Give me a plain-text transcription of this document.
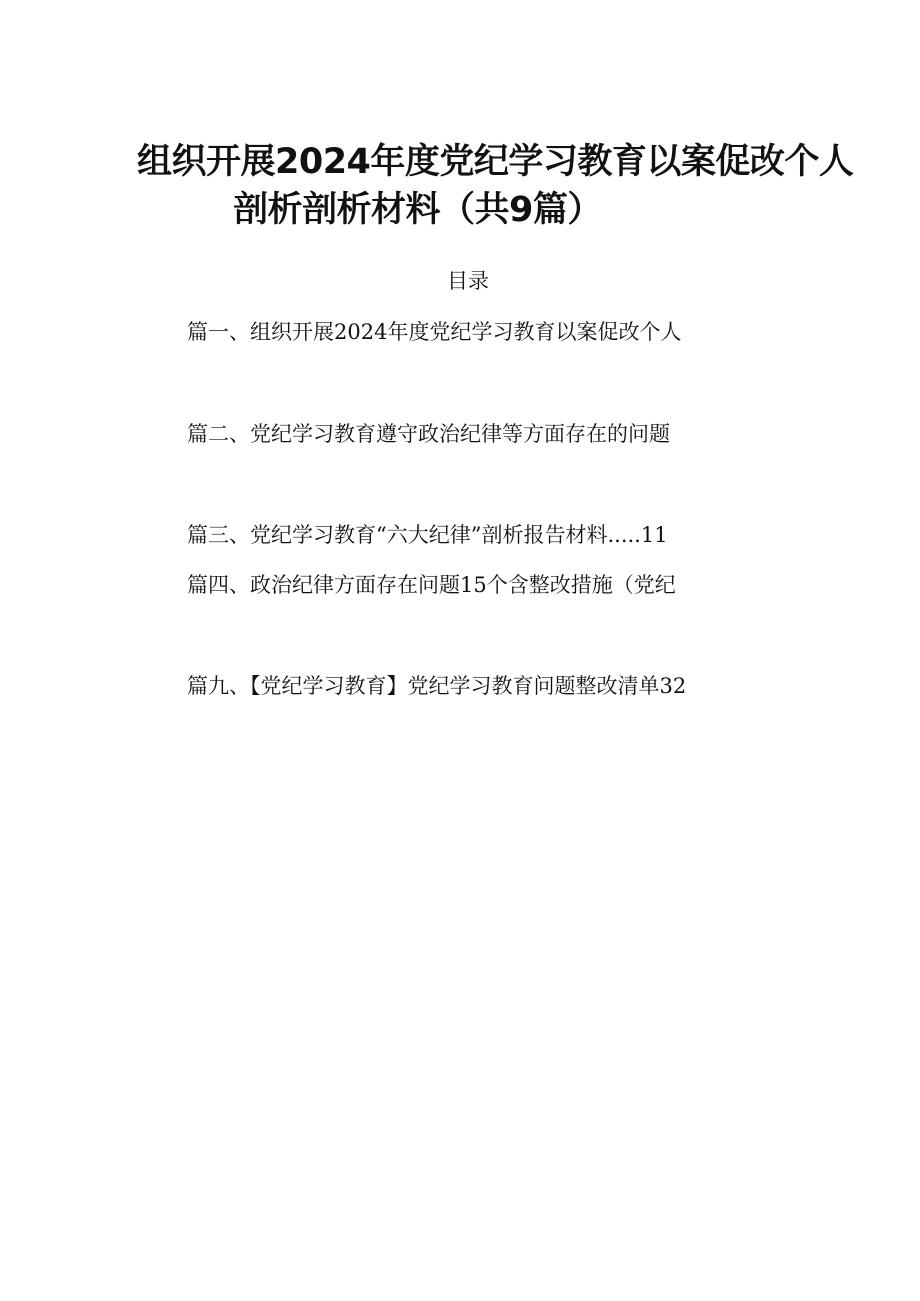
组织开展2024年度党纪学习教育以案促改个人
剖析剖析材料（共9篇）
目录
篇一、组织开展2024年度党纪学习教育以案促改个人
篇二、党纪学习教育遵守政治纪律等方面存在的问题
篇三、党纪学习教育“六大纪律”剖析报告材料.....11
篇四、政治纪律方面存在问题15个含整改措施（党纪
篇九、【党纪学习教育】党纪学习教育问题整改清单32
